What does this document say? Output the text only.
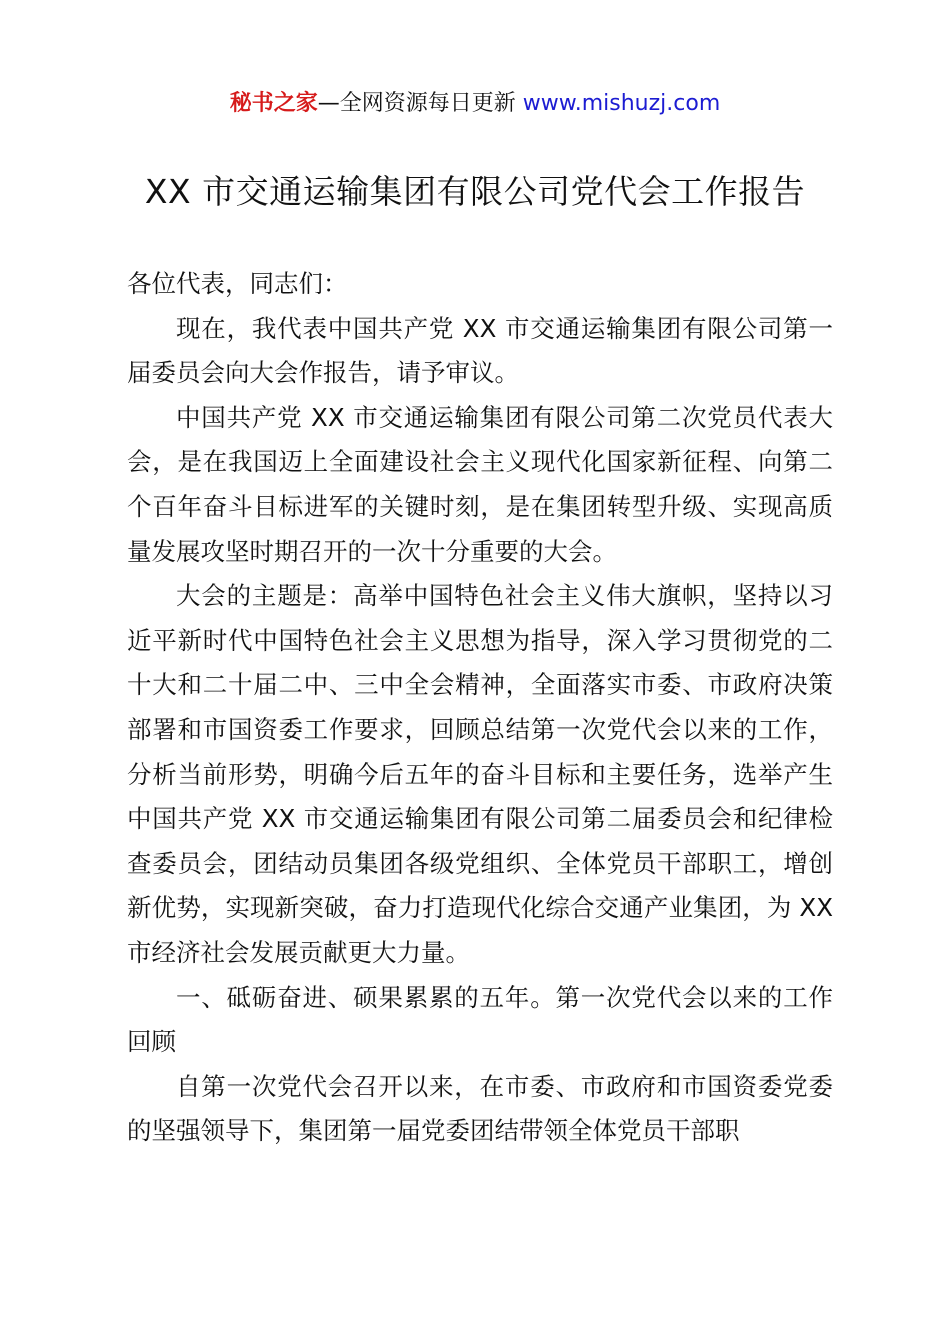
秘书之家—全网资源每日更新 www.mishuzj.com
XX 市交通运输集团有限公司党代会工作报告

各位代表，同志们：

现在，我代表中国共产党 XX 市交通运输集团有限公司第一届委员会向大会作报告，请予审议。

中国共产党 XX 市交通运输集团有限公司第二次党员代表大会，是在我国迈上全面建设社会主义现代化国家新征程、向第二个百年奋斗目标进军的关键时刻，是在集团转型升级、实现高质量发展攻坚时期召开的一次十分重要的大会。

大会的主题是：高举中国特色社会主义伟大旗帜，坚持以习近平新时代中国特色社会主义思想为指导，深入学习贯彻党的二十大和二十届二中、三中全会精神，全面落实市委、市政府决策部署和市国资委工作要求，回顾总结第一次党代会以来的工作，分析当前形势，明确今后五年的奋斗目标和主要任务，选举产生中国共产党 XX 市交通运输集团有限公司第二届委员会和纪律检查委员会，团结动员集团各级党组织、全体党员干部职工，增创新优势，实现新突破，奋力打造现代化综合交通产业集团，为 XX 市经济社会发展贡献更大力量。

一、砥砺奋进、硕果累累的五年。第一次党代会以来的工作回顾

自第一次党代会召开以来，在市委、市政府和市国资委党委的坚强领导下，集团第一届党委团结带领全体党员干部职
